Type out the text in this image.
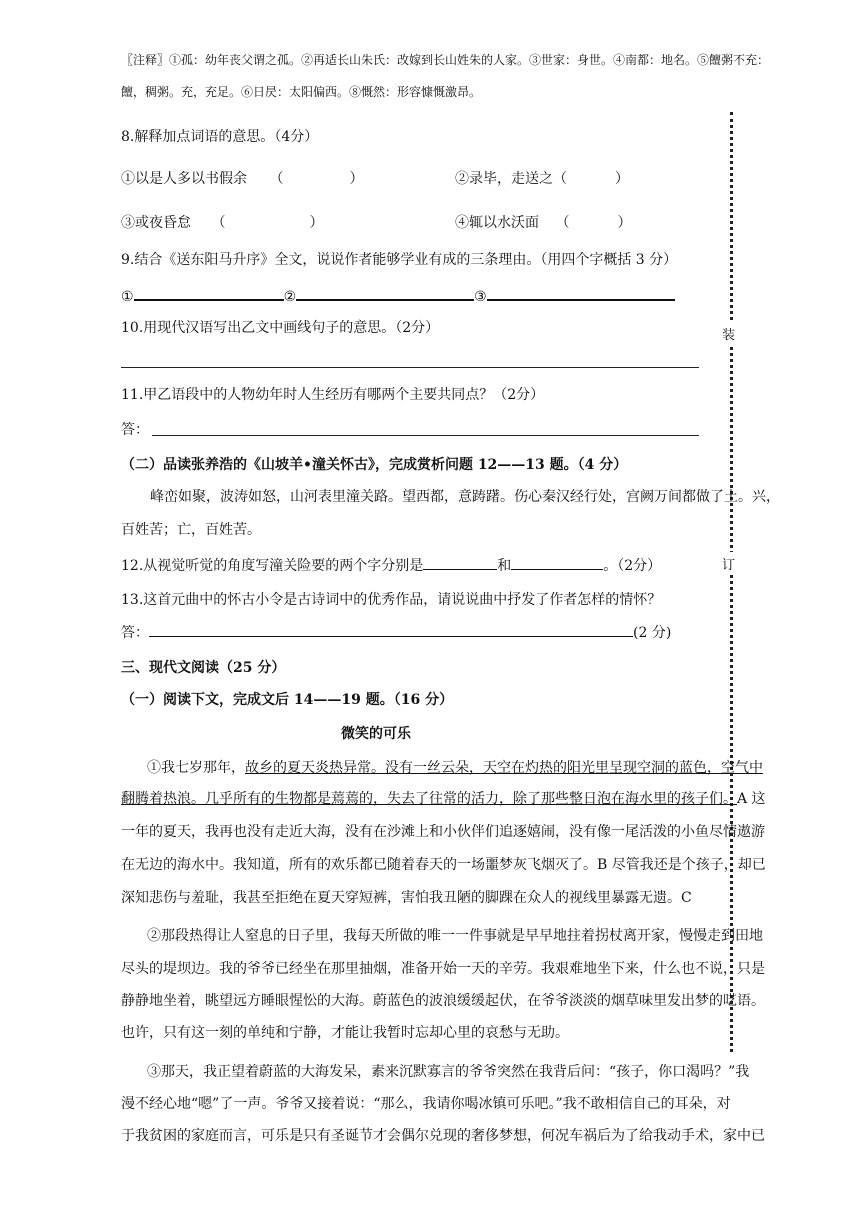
装
订
〖注释〗①孤：幼年丧父谓之孤。②再适长山朱氏：改嫁到长山姓朱的人家。③世家：身世。④南都：地名。⑤饘粥不充：
饘，稠粥。充，充足。⑥日昃：太阳偏西。⑧慨然：形容慷慨激昂。
8.解释加点词语的意思。（4分）
①以是人多以书假余 （	）	②录毕，走送之（	）
③或夜昏怠 （	）	④辄以水沃面 （	）
9.结合《送东阳马升序》全文，说说作者能够学业有成的三条理由。（用四个字概括 3 分）
①	②	③
10.用现代汉语写出乙文中画线句子的意思。（2分）
11.甲乙语段中的人物幼年时人生经历有哪两个主要共同点？（2分）
答：
（二）品读张养浩的《山坡羊•潼关怀古》，完成赏析问题 12——13 题。（4 分）
峰峦如聚，波涛如怒，山河表里潼关路。望西都，意踌躇。伤心秦汉经行处，宫阙万间都做了土。兴，
百姓苦；亡，百姓苦。
12.从视觉听觉的角度写潼关险要的两个字分别是	和	。（2分）
13.这首元曲中的怀古小令是古诗词中的优秀作品，请说说曲中抒发了作者怎样的情怀？
答：	(2 分)
三、现代文阅读（25 分）
（一）阅读下文，完成文后 14——19 题。（16 分）
微笑的可乐
①我七岁那年，故乡的夏天炎热异常。没有一丝云朵，天空在灼热的阳光里呈现空洞的蓝色，空气中
翻腾着热浪。几乎所有的生物都是蔫蔫的，失去了往常的活力，除了那些整日泡在海水里的孩子们。A 这
一年的夏天，我再也没有走近大海，没有在沙滩上和小伙伴们追逐嬉闹，没有像一尾活泼的小鱼尽情遨游
在无边的海水中。我知道，所有的欢乐都已随着春天的一场噩梦灰飞烟灭了。B 尽管我还是个孩子，却已
深知悲伤与羞耻，我甚至拒绝在夏天穿短裤，害怕我丑陋的脚踝在众人的视线里暴露无遗。C
②那段热得让人窒息的日子里，我每天所做的唯一一件事就是早早地拄着拐杖离开家，慢慢走到田地
尽头的堤坝边。我的爷爷已经坐在那里抽烟，准备开始一天的辛劳。我艰难地坐下来，什么也不说，只是
静静地坐着，眺望远方睡眼惺忪的大海。蔚蓝色的波浪缓缓起伏，在爷爷淡淡的烟草味里发出梦的呓语。
也许，只有这一刻的单纯和宁静，才能让我暂时忘却心里的哀愁与无助。
③那天，我正望着蔚蓝的大海发呆，素来沉默寡言的爷爷突然在我背后问：“孩子，你口渴吗？”我
漫不经心地“嗯”了一声。爷爷又接着说：“那么，我请你喝冰镇可乐吧。”我不敢相信自己的耳朵，对
于我贫困的家庭而言，可乐是只有圣诞节才会偶尔兑现的奢侈梦想，何况车祸后为了给我动手术，家中已
